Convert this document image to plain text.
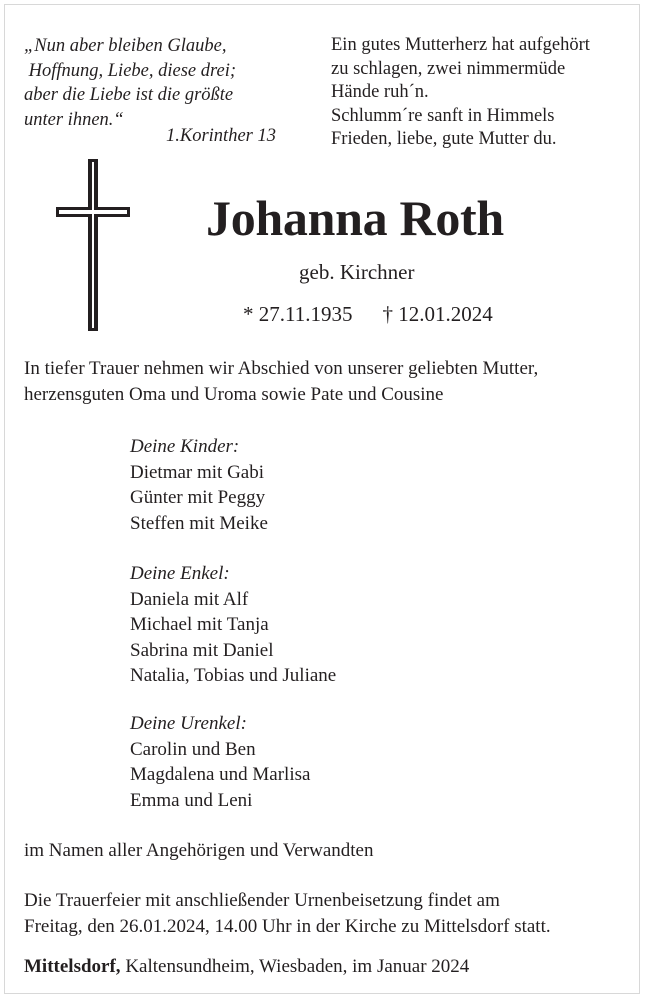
„Nun aber bleiben Glaube,
Hoffnung, Liebe, diese drei;
aber die Liebe ist die größte
unter ihnen.“
1.Korinther 13
Ein gutes Mutterherz hat aufgehört
zu schlagen, zwei nimmermüde
Hände ruh´n.
Schlumm´re sanft in Himmels
Frieden, liebe, gute Mutter du.
Johanna Roth
geb. Kirchner
* 27.11.1935 † 12.01.2024
In tiefer Trauer nehmen wir Abschied von unserer geliebten Mutter,
herzensguten Oma und Uroma sowie Pate und Cousine
Deine Kinder:
Dietmar mit Gabi
Günter mit Peggy
Steffen mit Meike
Deine Enkel:
Daniela mit Alf
Michael mit Tanja
Sabrina mit Daniel
Natalia, Tobias und Juliane
Deine Urenkel:
Carolin und Ben
Magdalena und Marlisa
Emma und Leni
im Namen aller Angehörigen und Verwandten
Die Trauerfeier mit anschließender Urnenbeisetzung findet am
Freitag, den 26.01.2024, 14.00 Uhr in der Kirche zu Mittelsdorf statt.
Mittelsdorf, Kaltensundheim, Wiesbaden, im Januar 2024
